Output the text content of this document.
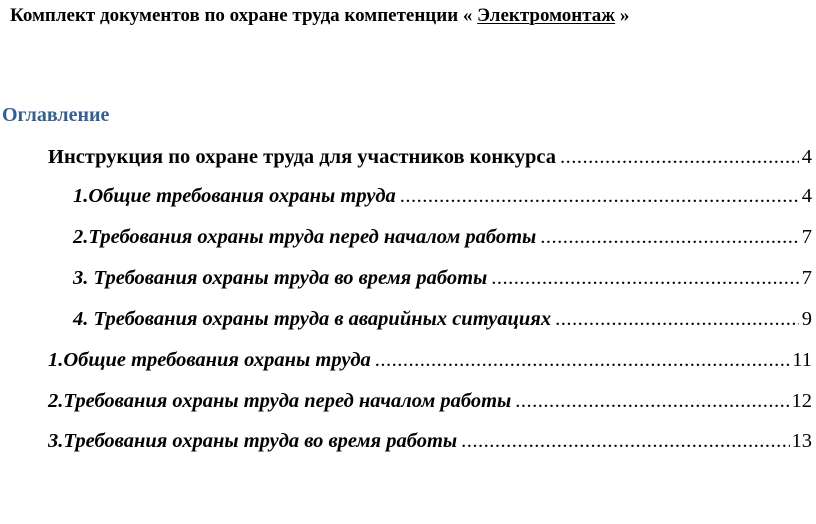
Комплект документов по охране труда компетенции « Электромонтаж »
Оглавление
Инструкция по охране труда для участников конкурса .....	4
1.Общие требования охраны труда .....	4
2.Требования охраны труда перед началом работы .....	7
3. Требования охраны труда во время работы .....	7
4. Требования охраны труда в аварийных ситуациях .....	9
1.Общие требования охраны труда .....	11
2.Требования охраны труда перед началом работы .....	12
3.Требования охраны труда во время работы .....	13
